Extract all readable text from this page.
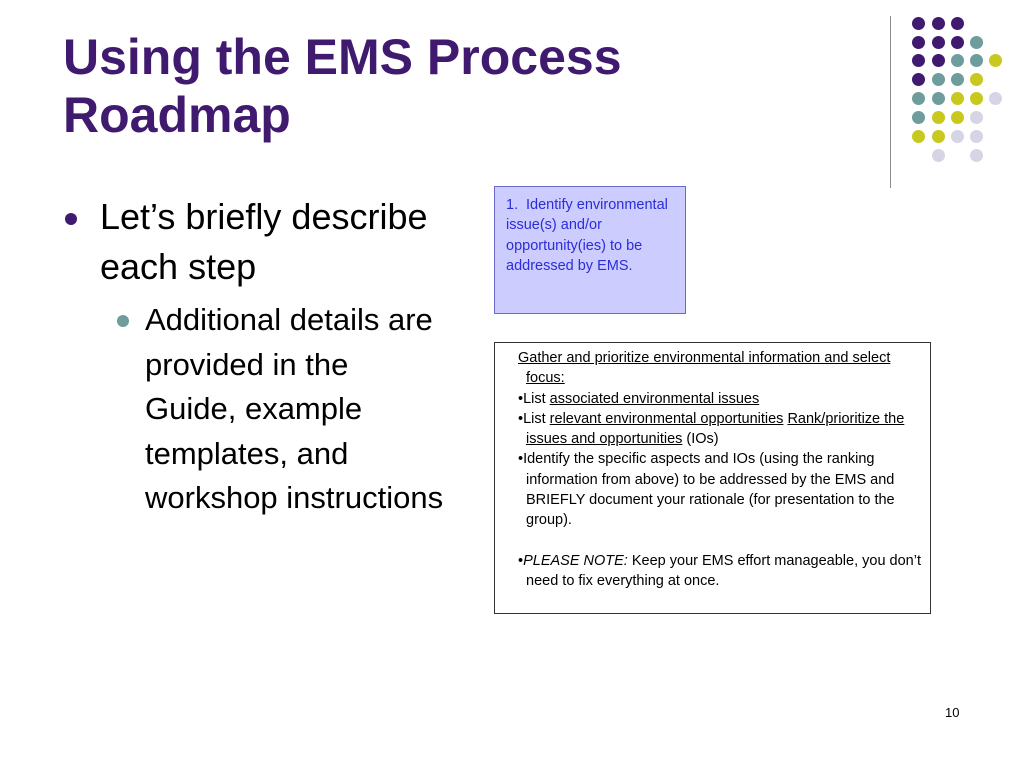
Using the EMS Process Roadmap
Let’s briefly describe each step
Additional details are provided in the Guide, example templates, and workshop instructions
1. Identify environmental issue(s) and/or opportunity(ies) to be addressed by EMS.

Gather and prioritize environmental information and select focus:

•List associated environmental issues

•List relevant environmental opportunities Rank/prioritize the issues and opportunities (IOs)

•Identify the specific aspects and IOs (using the ranking information from above) to be addressed by the EMS and BRIEFLY document your rationale (for presentation to the group).

•PLEASE NOTE: Keep your EMS effort manageable, you don’t need to fix everything at once.

10
